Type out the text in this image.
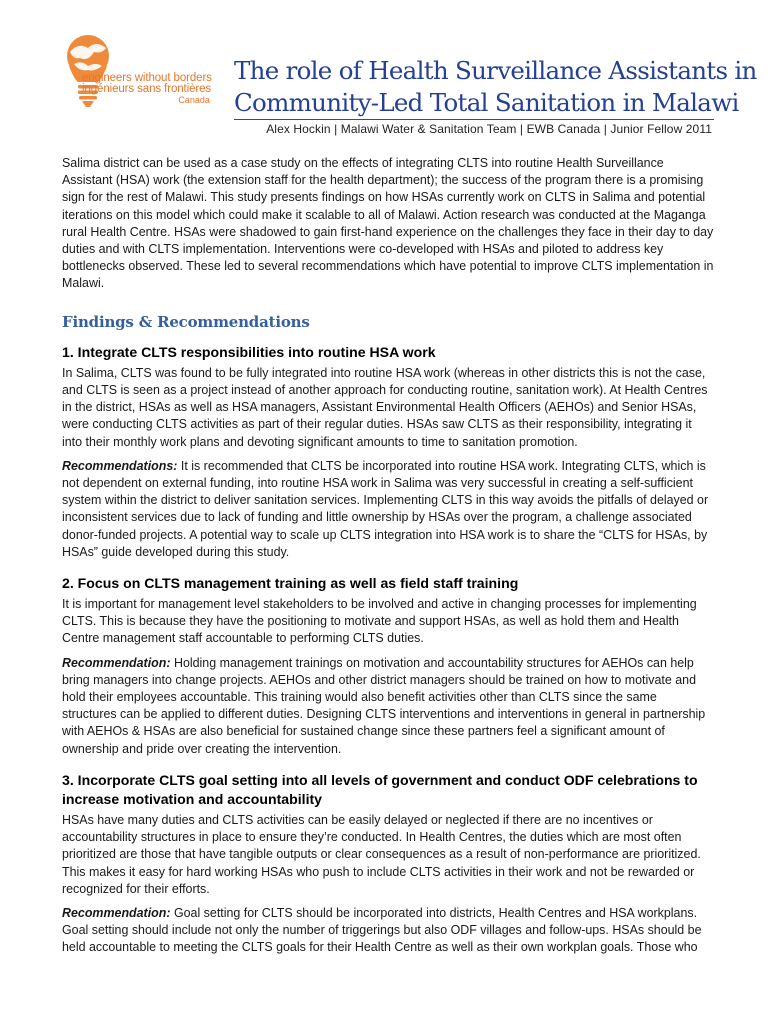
engineers without borders
ingénieurs sans frontières
Canada
The role of Health Surveillance Assistants in
Community-Led Total Sanitation in Malawi
Alex Hockin | Malawi Water & Sanitation Team | EWB Canada | Junior Fellow 2011

Salima district can be used as a case study on the effects of integrating CLTS into routine Health Surveillance Assistant (HSA) work (the extension staff for the health department); the success of the program there is a promising sign for the rest of Malawi. This study presents findings on how HSAs currently work on CLTS in Salima and potential iterations on this model which could make it scalable to all of Malawi. Action research was conducted at the Maganga rural Health Centre. HSAs were shadowed to gain first-hand experience on the challenges they face in their day to day duties and with CLTS implementation. Interventions were co-developed with HSAs and piloted to address key bottlenecks observed. These led to several recommendations which have potential to improve CLTS implementation in Malawi.

Findings & Recommendations
1. Integrate CLTS responsibilities into routine HSA work

In Salima, CLTS was found to be fully integrated into routine HSA work (whereas in other districts this is not the case, and CLTS is seen as a project instead of another approach for conducting routine, sanitation work). At Health Centres in the district, HSAs as well as HSA managers, Assistant Environmental Health Officers (AEHOs) and Senior HSAs, were conducting CLTS activities as part of their regular duties. HSAs saw CLTS as their responsibility, integrating it into their monthly work plans and devoting significant amounts to time to sanitation promotion.

Recommendations: It is recommended that CLTS be incorporated into routine HSA work. Integrating CLTS, which is not dependent on external funding, into routine HSA work in Salima was very successful in creating a self-sufficient system within the district to deliver sanitation services. Implementing CLTS in this way avoids the pitfalls of delayed or inconsistent services due to lack of funding and little ownership by HSAs over the program, a challenge associated donor-funded projects. A potential way to scale up CLTS integration into HSA work is to share the “CLTS for HSAs, by HSAs” guide developed during this study.

2. Focus on CLTS management training as well as field staff training

It is important for management level stakeholders to be involved and active in changing processes for implementing CLTS. This is because they have the positioning to motivate and support HSAs, as well as hold them and Health Centre management staff accountable to performing CLTS duties.

Recommendation: Holding management trainings on motivation and accountability structures for AEHOs can help bring managers into change projects. AEHOs and other district managers should be trained on how to motivate and hold their employees accountable. This training would also benefit activities other than CLTS since the same structures can be applied to different duties. Designing CLTS interventions and interventions in general in partnership with AEHOs & HSAs are also beneficial for sustained change since these partners feel a significant amount of ownership and pride over creating the intervention.

3. Incorporate CLTS goal setting into all levels of government and conduct ODF celebrations to increase motivation and accountability

HSAs have many duties and CLTS activities can be easily delayed or neglected if there are no incentives or accountability structures in place to ensure they’re conducted. In Health Centres, the duties which are most often prioritized are those that have tangible outputs or clear consequences as a result of non-performance are prioritized. This makes it easy for hard working HSAs who push to include CLTS activities in their work and not be rewarded or recognized for their efforts.

Recommendation: Goal setting for CLTS should be incorporated into districts, Health Centres and HSA workplans. Goal setting should include not only the number of triggerings but also ODF villages and follow-ups. HSAs should be held accountable to meeting the CLTS goals for their Health Centre as well as their own workplan goals. Those who
